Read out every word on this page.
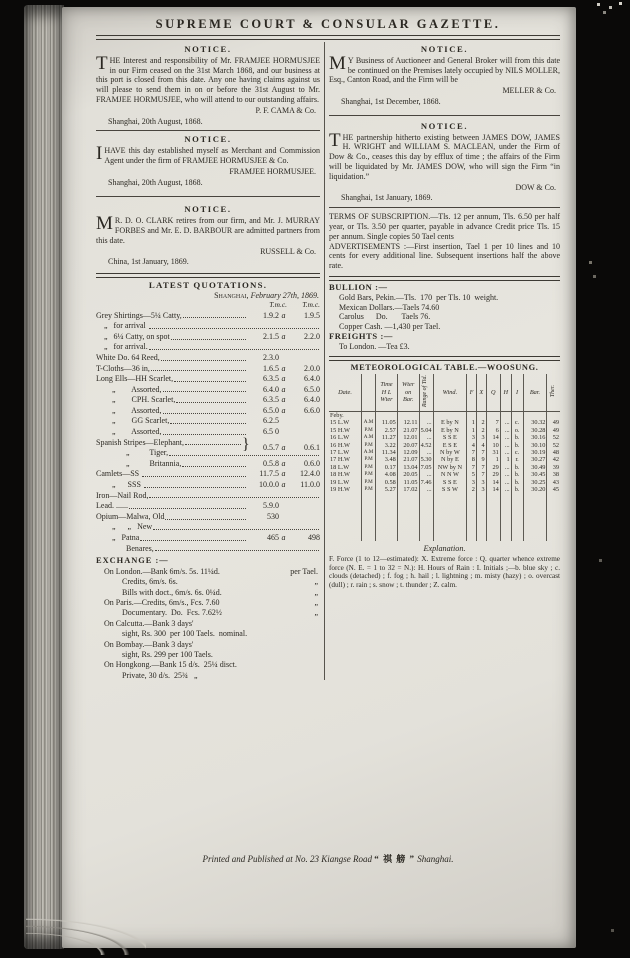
SUPREME COURT & CONSULAR GAZETTE.
NOTICE.

THE Interest and responsibility of Mr. FRAMJEE HORMUSJEE in our Firm ceased on the 31st March 1868, and our business at this port is closed from this date. Any one having claims against us will please to send them in on or before the 31st August to Mr. FRAMJEE HORMUSJEE, who will attend to our outstanding affairs.

P. F. CAMA & Co.
Shanghai, 20th August, 1868.
NOTICE.

I HAVE this day established myself as Merchant and Commission Agent under the firm of FRAMJEE HORMUSJEE & Co.

FRAMJEE HORMUSJEE.
Shanghai, 20th August, 1868.
NOTICE.

M R. D. O. CLARK retires from our firm, and Mr. J. MURRAY FORBES and Mr. E. D. BARBOUR are admitted partners from this date.

RUSSELL & Co.
China, 1st January, 1869.
LATEST QUOTATIONS.
Shanghai, February 27th, 1869.
T.m.c.	T.m.c.
Grey Shirtings—5¼ Catty,	1.9.2 a	1.9.5
„   for arrival
„   6¼ Catty, on spot	2.1.5 a	2.2.0
„   for arrival.
White Do. 64 Reed,	2.3.0
T-Cloths—36 in,	1.6.5 a	2.0.0
Long Ells—HH Scarlet,	6.3.5 a	6.4.0
„        Assorted,	6.4.0 a	6.5.0
„        CPH. Scarlet,	6.3.5 a	6.4.0
„        Assorted,	6.5.0 a	6.6.0
„        GG Scarlet,	6.2.5
„        Assorted,	6.5 0
Spanish Stripes—Elephant,	}	0.5.7 a	0.6.1
„          Tiger,
„          Britannia,	0.5.8 a	0.6.0
Camlets—SS	11.7.5 a	12.4.0
„      SSS	10.0.0 a	11.0.0
Iron—Nail Rod,
Lead. ......	5.9.0
Opium—Malwa, Old	530
„      „   New
„   Patna	465 a	498
Benares,
EXCHANGE :—
On London.—Bank 6m/s. 5s. 11¼d.	per Tael.
Credits, 6m/s. 6s.	„
Bills with doct., 6m/s. 6s. 0¼d.	„
On Paris.—Credits, 6m/s., Fcs. 7.60	„
Documentary.  Do.  Fcs. 7.62½	„
On Calcutta.—Bank 3 days'
sight, Rs. 300  per 100 Taels.  nominal.
On Bombay.—Bank 3 days'
sight, Rs. 299 per 100 Taels.
On Hongkong.—Bank 15 d/s.  25¼ disct.
Private, 30 d/s.  25¾   „
NOTICE.

M Y Business of Auctioneer and General Broker will from this date be continued on the Premises lately occupied by NILS MOLLER, Esq., Canton Road, and the Firm will be

MELLER & Co.
Shanghai, 1st December, 1868.
NOTICE.

THE partnership hitherto existing between JAMES DOW, JAMES H. WRIGHT and WILLIAM S. MACLEAN, under the Firm of Dow & Co., ceases this day by efflux of time ; the affairs of the Firm will be liquidated by Mr. JAMES DOW, who will sign the Firm “in liquidation.”

DOW & Co.
Shanghai, 1st January, 1869.

TERMS OF SUBSCRIPTION.—Tls. 12 per annum, Tls. 6.50 per half year, or Tls. 3.50 per quarter, payable in advance Credit price Tls. 15 per annum. Single copies 50 Tael cents

ADVERTISEMENTS :—First insertion, Tael 1 per 10 lines and 10 cents for every additional line. Subsequent insertions half the above rate.

BULLION :—
Gold Bars, Pekin.—Tls.  170  per Tls. 10  weight.
Mexican Dollars.—Taels 74.60
Carolus      Do.       Taels 76.
Copper Cash. —1,430 per Tael.
FREIGHTS :—
To London. —Tea £3.
METEOROLOGICAL TABLE.—WOOSUNG.
Date.		Time
H L
Wter	Wter
on
Bar.	Range of Tid.	Wind.	F	X	Q	H	I	Bar.	Ther.
Feby.												
15 L.W	A.M	11.05	12.11	...	E by N	1	2	7	...	c.	30.32	49
15 H.W	P.M	2.57	21.07	5.04	E by N	1	2	6	...	o.	30.28	49
16 L.W	A.M	11.27	12.01	...	S S E	3	3	14	...	b.	30.16	52
16 H.W	P.M	3.22	20.07	4.52	E S E	4	4	10	...	b.	30.10	52
17 L.W	A.M	11.34	12.09	...	N by W	7	7	31	...	c.	30.19	48
17 H.W	P.M	3.48	21.07	5.30	N by E	8	9	1	1	r.	30.27	42
18 L.W	P.M	0.17	13.04	7.05	NW by N	7	7	29	...	b.	30.49	39
18 H.W	P.M	4.08	20.05	...	N N W	5	7	29	...	b.	30.45	38
19 L.W	P.M	0.58	11.05	7.46	S S E	3	3	14	...	b.	30.25	43
19 H.W	P.M	5.27	17.02	...	S S W	2	3	14	...	b.	30.20	45

Explanation.

F. Force (1 to 12—estimated): X. Extreme force : Q. quarter whence extreme force (N. E. = 1 to 32 = N.): H. Hours of Rain : I. Initials ;—b. blue sky ; c. clouds (detached) ; f. fog ; h. hail ; l. lightning ; m. misty (hazy) ; o. overcast (dull) ; r. rain ; s. snow ; t. thunder ; Z. calm.

Printed and Published at No. 23 Kiangse Road “ 祺 艕 ” Shanghai.
